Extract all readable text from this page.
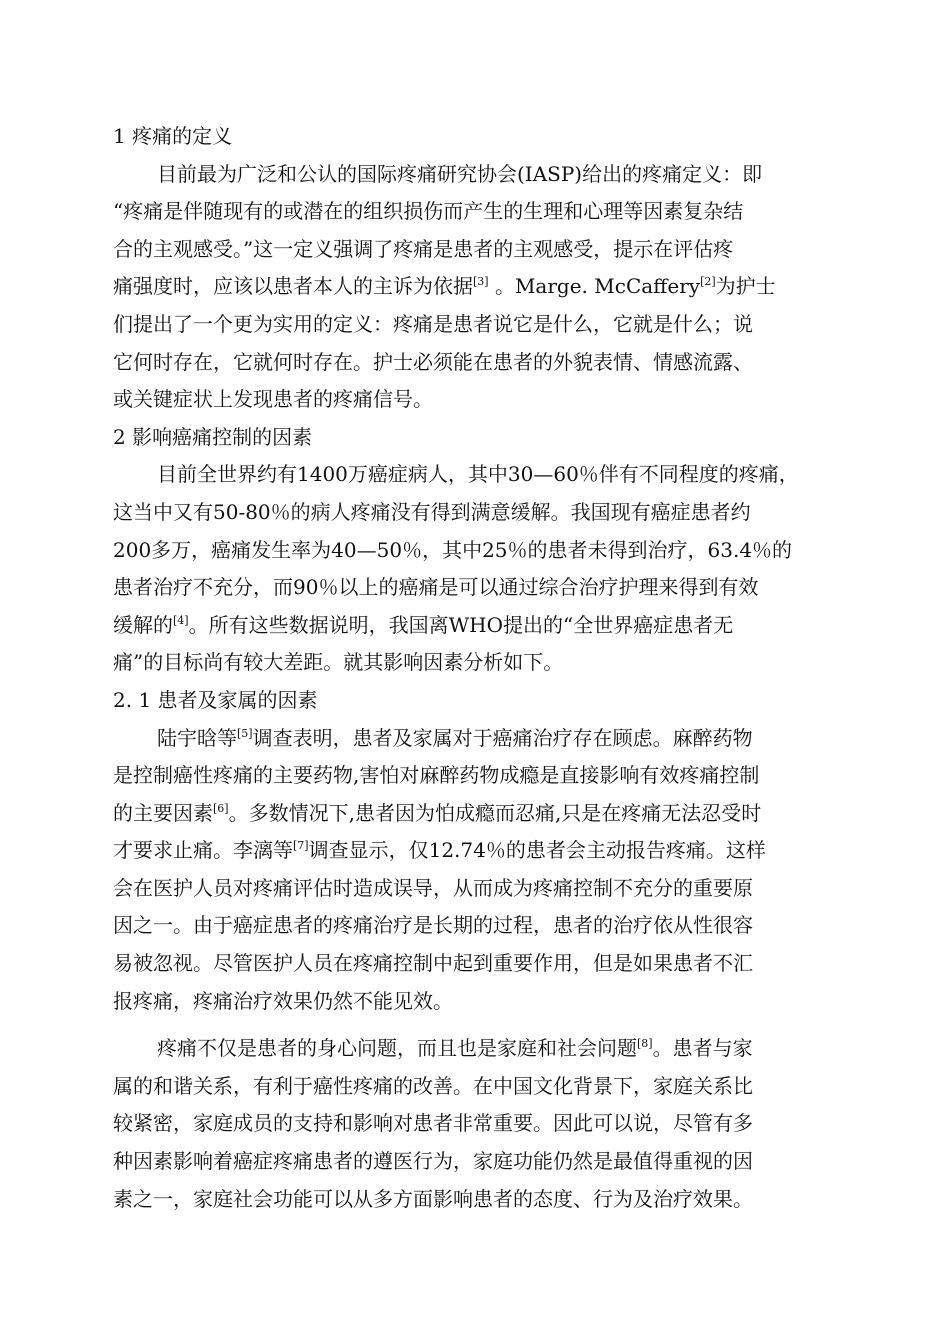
1 疼痛的定义
目前最为广泛和公认的国际疼痛研究协会(IASP)给出的疼痛定义：即
“疼痛是伴随现有的或潜在的组织损伤而产生的生理和心理等因素复杂结
合的主观感受。”这一定义强调了疼痛是患者的主观感受，提示在评估疼
痛强度时，应该以患者本人的主诉为依据[3] 。Marge. McCaffery[2]为护士
们提出了一个更为实用的定义：疼痛是患者说它是什么，它就是什么；说
它何时存在，它就何时存在。护士必须能在患者的外貌表情、情感流露、
或关键症状上发现患者的疼痛信号。
2 影响癌痛控制的因素
目前全世界约有1400万癌症病人，其中30—60％伴有不同程度的疼痛，
这当中又有50-80％的病人疼痛没有得到满意缓解。我国现有癌症患者约
200多万，癌痛发生率为40—50％，其中25％的患者未得到治疗，63.4％的
患者治疗不充分，而90％以上的癌痛是可以通过综合治疗护理来得到有效
缓解的[4]。所有这些数据说明，我国离WHO提出的“全世界癌症患者无
痛”的目标尚有较大差距。就其影响因素分析如下。
2. 1 患者及家属的因素
陆宇晗等[5]调查表明，患者及家属对于癌痛治疗存在顾虑。麻醉药物
是控制癌性疼痛的主要药物,害怕对麻醉药物成瘾是直接影响有效疼痛控制
的主要因素[6]。多数情况下,患者因为怕成瘾而忍痛,只是在疼痛无法忍受时
才要求止痛。李漓等[7]调查显示，仅12.74％的患者会主动报告疼痛。这样
会在医护人员对疼痛评估时造成误导，从而成为疼痛控制不充分的重要原
因之一。由于癌症患者的疼痛治疗是长期的过程，患者的治疗依从性很容
易被忽视。尽管医护人员在疼痛控制中起到重要作用，但是如果患者不汇
报疼痛，疼痛治疗效果仍然不能见效。
疼痛不仅是患者的身心问题，而且也是家庭和社会问题[8]。患者与家
属的和谐关系，有利于癌性疼痛的改善。在中国文化背景下，家庭关系比
较紧密，家庭成员的支持和影响对患者非常重要。因此可以说，尽管有多
种因素影响着癌症疼痛患者的遵医行为，家庭功能仍然是最值得重视的因
素之一，家庭社会功能可以从多方面影响患者的态度、行为及治疗效果。
